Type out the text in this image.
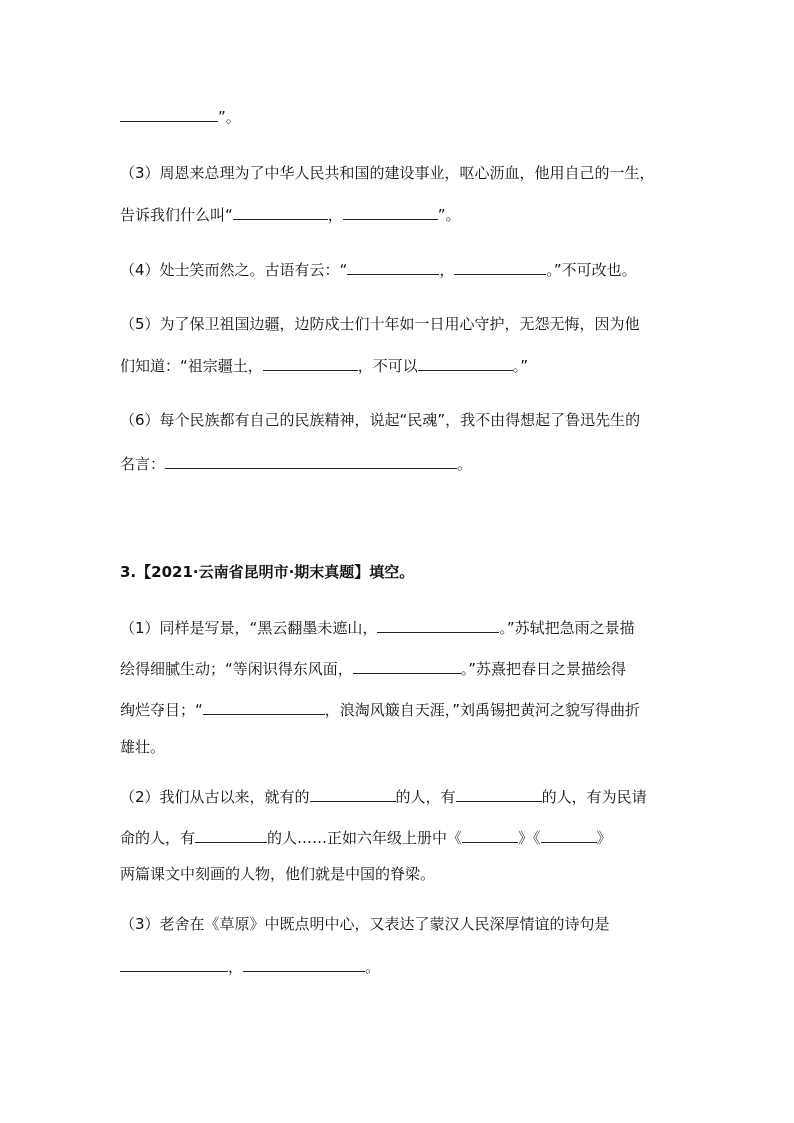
”。
（3）周恩来总理为了中华人民共和国的建设事业，呕心沥血，他用自己的一生，
告诉我们什么叫“	，	”。
（4）处士笑而然之。古语有云：“	，	。”不可改也。
（5）为了保卫祖国边疆，边防戍士们十年如一日用心守护，无怨无悔，因为他
们知道：“祖宗疆土，	，不可以	。”
（6）每个民族都有自己的民族精神，说起“民魂”，我不由得想起了鲁迅先生的
名言：	。
3.【2021·云南省昆明市·期末真题】填空。
（1）同样是写景，“黑云翻墨未遮山，	。”苏轼把急雨之景描
绘得细腻生动；“等闲识得东风面，	。”苏熹把春日之景描绘得
绚烂夺目；“	，浪淘风簸自天涯，”刘禹锡把黄河之貌写得曲折
雄壮。
（2）我们从古以来，就有的	的人，有	的人，有为民请
命的人，有	的人……正如六年级上册中《	》《	》
两篇课文中刻画的人物，他们就是中国的脊梁。
（3）老舍在《草原》中既点明中心，又表达了蒙汉人民深厚情谊的诗句是
，	。
